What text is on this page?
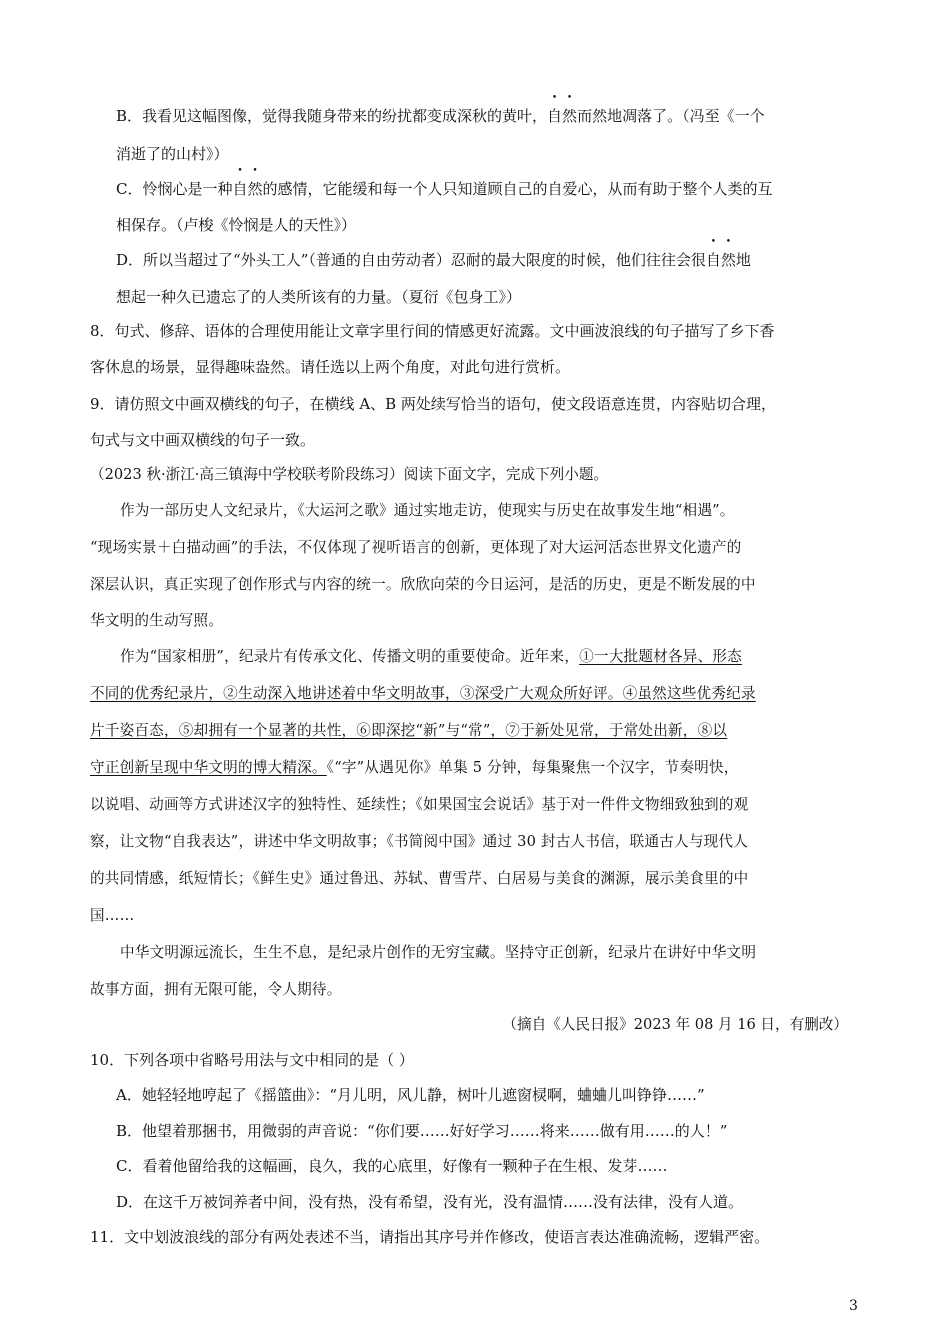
B．我看见这幅图像，觉得我随身带来的纷扰都变成深秋的黄叶，自然而然地凋落了。（冯至《一个
消逝了的山村》）
C．怜悯心是一种自然的感情，它能缓和每一个人只知道顾自己的自爱心，从而有助于整个人类的互
相保存。（卢梭《怜悯是人的天性》）
D．所以当超过了“外头工人”（普通的自由劳动者）忍耐的最大限度的时候，他们往往会很自然地
想起一种久已遗忘了的人类所该有的力量。（夏衍《包身工》）
8．句式、修辞、语体的合理使用能让文章字里行间的情感更好流露。文中画波浪线的句子描写了乡下香
客休息的场景，显得趣味盎然。请任选以上两个角度，对此句进行赏析。
9．请仿照文中画双横线的句子，在横线 A、B 两处续写恰当的语句，使文段语意连贯，内容贴切合理，
句式与文中画双横线的句子一致。
（2023 秋·浙江·高三镇海中学校联考阶段练习）阅读下面文字，完成下列小题。
作为一部历史人文纪录片，《大运河之歌》通过实地走访，使现实与历史在故事发生地“相遇”。
“现场实景＋白描动画”的手法，不仅体现了视听语言的创新，更体现了对大运河活态世界文化遗产的
深层认识，真正实现了创作形式与内容的统一。欣欣向荣的今日运河，是活的历史，更是不断发展的中
华文明的生动写照。
作为“国家相册”，纪录片有传承文化、传播文明的重要使命。近年来，①一大批题材各异、形态
不同的优秀纪录片，②生动深入地讲述着中华文明故事，③深受广大观众所好评。④虽然这些优秀纪录
片千姿百态，⑤却拥有一个显著的共性，⑥即深挖“新”与“常”，⑦于新处见常，于常处出新，⑧以
守正创新呈现中华文明的博大精深。《“字”从遇见你》单集 5 分钟，每集聚焦一个汉字，节奏明快，
以说唱、动画等方式讲述汉字的独特性、延续性；《如果国宝会说话》基于对一件件文物细致独到的观
察，让文物“自我表达”，讲述中华文明故事；《书简阅中国》通过 30 封古人书信，联通古人与现代人
的共同情感，纸短情长；《鲜生史》通过鲁迅、苏轼、曹雪芹、白居易与美食的渊源，展示美食里的中
国……
中华文明源远流长，生生不息，是纪录片创作的无穷宝藏。坚持守正创新，纪录片在讲好中华文明
故事方面，拥有无限可能，令人期待。
（摘自《人民日报》2023 年 08 月 16 日，有删改）
10．下列各项中省略号用法与文中相同的是（ ）
A．她轻轻地哼起了《摇篮曲》：“月儿明，风儿静，树叶儿遮窗棂啊，蛐蛐儿叫铮铮……”
B．他望着那捆书，用微弱的声音说：“你们要……好好学习……将来……做有用……的人！”
C．看着他留给我的这幅画，良久，我的心底里，好像有一颗种子在生根、发芽……
D．在这千万被饲养者中间，没有热，没有希望，没有光，没有温情……没有法律，没有人道。
11．文中划波浪线的部分有两处表述不当，请指出其序号并作修改，使语言表达准确流畅，逻辑严密。
3
